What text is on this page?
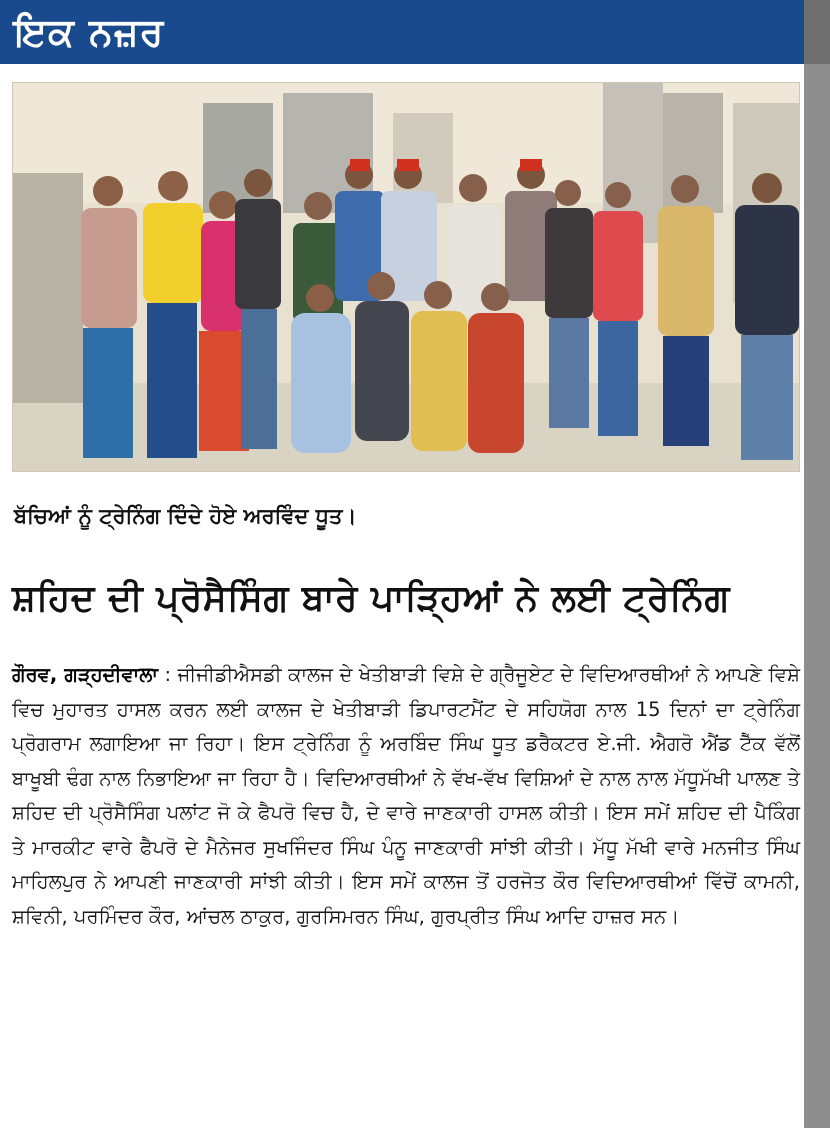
ਇਕ ਨਜ਼ਰ
ਬੱਚਿਆਂ ਨੂੰ ਟ੍ਰੇਨਿੰਗ ਦਿੰਦੇ ਹੋਏ ਅਰਵਿੰਦ ਧੂਤ।
ਸ਼ਹਿਦ ਦੀ ਪ੍ਰੋਸੈਸਿੰਗ ਬਾਰੇ ਪਾੜ੍ਹਿਆਂ ਨੇ ਲਈ ਟ੍ਰੇਨਿੰਗ
ਗੌਰਵ, ਗੜ੍ਹਦੀਵਾਲਾ : ਜੀਜੀਡੀਐਸਡੀ ਕਾਲਜ ਦੇ ਖੇਤੀਬਾੜੀ ਵਿਸ਼ੇ ਦੇ ਗ੍ਰੈਜੂਏਟ ਦੇ ਵਿਦਿਆਰਥੀਆਂ ਨੇ ਆਪਣੇ ਵਿਸ਼ੇ ਵਿਚ ਮੁਹਾਰਤ ਹਾਸਲ ਕਰਨ ਲਈ ਕਾਲਜ ਦੇ ਖੇਤੀਬਾੜੀ ਡਿਪਾਰਟਮੈਂਟ ਦੇ ਸਹਿਯੋਗ ਨਾਲ 15 ਦਿਨਾਂ ਦਾ ਟ੍ਰੇਨਿੰਗ ਪ੍ਰੋਗਰਾਮ ਲਗਾਇਆ ਜਾ ਰਿਹਾ। ਇਸ ਟ੍ਰੇਨਿੰਗ ਨੂੰ ਅਰਬਿੰਦ ਸਿੰਘ ਧੂਤ ਡਰੈਕਟਰ ਏ.ਜੀ. ਐਗਰੋ ਐਂਡ ਟੈੱਕ ਵੱਲੋਂ ਬਾਖੂਬੀ ਢੰਗ ਨਾਲ ਨਿਭਾਇਆ ਜਾ ਰਿਹਾ ਹੈ। ਵਿਦਿਆਰਥੀਆਂ ਨੇ ਵੱਖ-ਵੱਖ ਵਿਸ਼ਿਆਂ ਦੇ ਨਾਲ ਨਾਲ ਮੱਧੂਮੱਖੀ ਪਾਲਣ ਤੇ ਸ਼ਹਿਦ ਦੀ ਪ੍ਰੋਸੈਸਿੰਗ ਪਲਾਂਟ ਜੋ ਕੇ ਫੈਪਰੋ ਵਿਚ ਹੈ, ਦੇ ਵਾਰੇ ਜਾਣਕਾਰੀ ਹਾਸਲ ਕੀਤੀ। ਇਸ ਸਮੇਂ ਸ਼ਹਿਦ ਦੀ ਪੈਕਿੰਗ ਤੇ ਮਾਰਕੀਟ ਵਾਰੇ ਫੈਪਰੋ ਦੇ ਮੈਨੇਜਰ ਸੁਖਜਿੰਦਰ ਸਿੰਘ ਪੰਨੂ ਜਾਣਕਾਰੀ ਸਾਂਝੀ ਕੀਤੀ। ਮੱਧੂ ਮੱਖੀ ਵਾਰੇ ਮਨਜੀਤ ਸਿੰਘ ਮਾਹਿਲਪੁਰ ਨੇ ਆਪਣੀ ਜਾਣਕਾਰੀ ਸਾਂਝੀ ਕੀਤੀ। ਇਸ ਸਮੇਂ ਕਾਲਜ ਤੋਂ ਹਰਜੋਤ ਕੌਰ ਵਿਦਿਆਰਥੀਆਂ ਵਿੱਚੋਂ ਕਾਮਨੀ, ਸ਼ਵਿਨੀ, ਪਰਮਿੰਦਰ ਕੌਰ, ਆਂਚਲ ਠਾਕੁਰ, ਗੁਰਸਿਮਰਨ ਸਿੰਘ, ਗੁਰਪ੍ਰੀਤ ਸਿੰਘ ਆਦਿ ਹਾਜ਼ਰ ਸਨ।
